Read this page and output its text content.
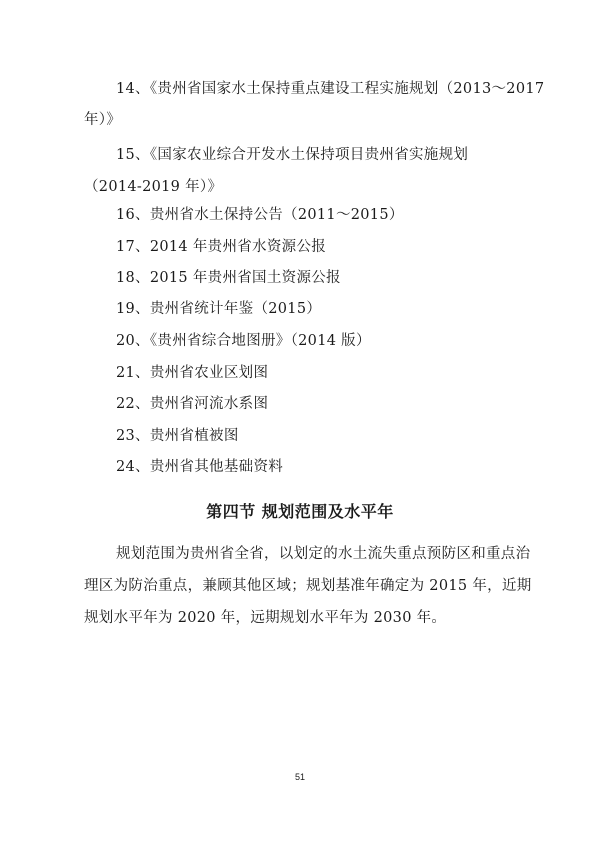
14、《贵州省国家水土保持重点建设工程实施规划（2013～2017
年）》
15、《国家农业综合开发水土保持项目贵州省实施规划
（2014-2019 年）》
16、贵州省水土保持公告（2011～2015）
17、2014 年贵州省水资源公报
18、2015 年贵州省国土资源公报
19、贵州省统计年鉴（2015）
20、《贵州省综合地图册》（2014 版）
21、贵州省农业区划图
22、贵州省河流水系图
23、贵州省植被图
24、贵州省其他基础资料
第四节 规划范围及水平年
规划范围为贵州省全省，以划定的水土流失重点预防区和重点治
理区为防治重点，兼顾其他区域；规划基准年确定为 2015 年，近期
规划水平年为 2020 年，远期规划水平年为 2030 年。
51
